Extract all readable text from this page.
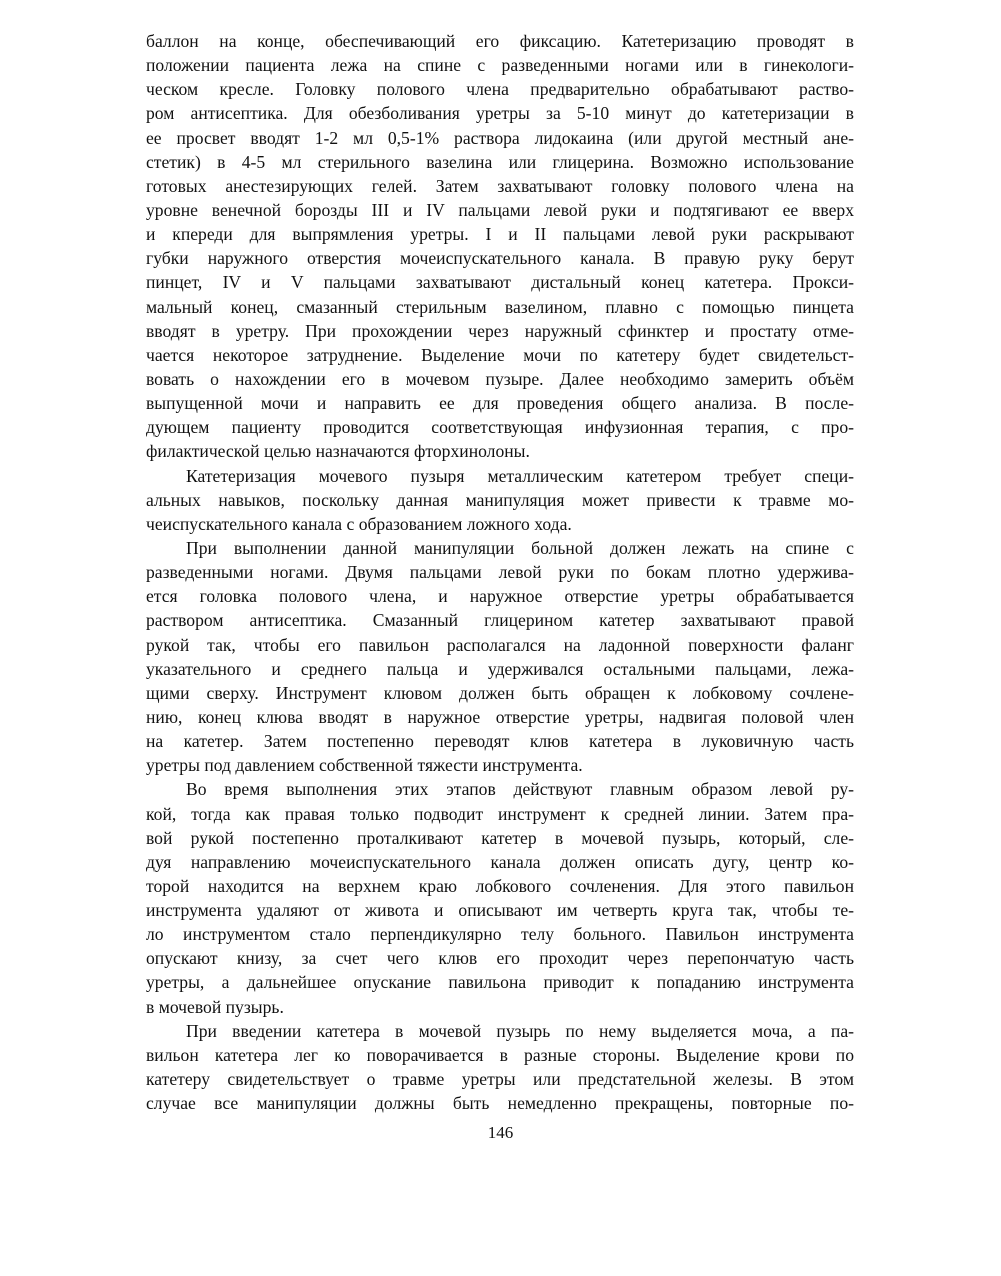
баллон на конце, обеспечивающий его фиксацию. Катетеризацию проводят в
положении пациента лежа на спине с разведенными ногами или в гинекологи-
ческом кресле. Головку полового члена предварительно обрабатывают раство-
ром антисептика. Для обезболивания уретры за 5-10 минут до катетеризации в
ее просвет вводят 1-2 мл 0,5-1% раствора лидокаина (или другой местный ане-
стетик) в 4-5 мл стерильного вазелина или глицерина. Возможно использование
готовых анестезирующих гелей. Затем захватывают головку полового члена на
уровне венечной борозды III и IV пальцами левой руки и подтягивают ее вверх
и кпереди для выпрямления уретры. I и II пальцами левой руки раскрывают
губки наружного отверстия мочеиспускательного канала. В правую руку берут
пинцет, IV и V пальцами захватывают дистальный конец катетера. Прокси-
мальный конец, смазанный стерильным вазелином, плавно с помощью пинцета
вводят в уретру. При прохождении через наружный сфинктер и простату отме-
чается некоторое затруднение. Выделение мочи по катетеру будет свидетельст-
вовать о нахождении его в мочевом пузыре. Далее необходимо замерить объём
выпущенной мочи и направить ее для проведения общего анализа. В после-
дующем пациенту проводится соответствующая инфузионная терапия, с про-
филактической целью назначаются фторхинолоны.
Катетеризация мочевого пузыря металлическим катетером требует специ-
альных навыков, поскольку данная манипуляция может привести к травме мо-
чеиспускательного канала с образованием ложного хода.
При выполнении данной манипуляции больной должен лежать на спине с
разведенными ногами. Двумя пальцами левой руки по бокам плотно удержива-
ется головка полового члена, и наружное отверстие уретры обрабатывается
раствором антисептика. Смазанный глицерином катетер захватывают правой
рукой так, чтобы его павильон располагался на ладонной поверхности фаланг
указательного и среднего пальца и удерживался остальными пальцами, лежа-
щими сверху. Инструмент клювом должен быть обращен к лобковому сочлене-
нию, конец клюва вводят в наружное отверстие уретры, надвигая половой член
на катетер. Затем постепенно переводят клюв катетера в луковичную часть
уретры под давлением собственной тяжести инструмента.
Во время выполнения этих этапов действуют главным образом левой ру-
кой, тогда как правая только подводит инструмент к средней линии. Затем пра-
вой рукой постепенно проталкивают катетер в мочевой пузырь, который, сле-
дуя направлению мочеиспускательного канала должен описать дугу, центр ко-
торой находится на верхнем краю лобкового сочленения. Для этого павильон
инструмента удаляют от живота и описывают им четверть круга так, чтобы те-
ло инструментом стало перпендикулярно телу больного. Павильон инструмента
опускают книзу, за счет чего клюв его проходит через перепончатую часть
уретры, а дальнейшее опускание павильона приводит к попаданию инструмента
в мочевой пузырь.
При введении катетера в мочевой пузырь по нему выделяется моча, а па-
вильон катетера лег ко поворачивается в разные стороны. Выделение крови по
катетеру свидетельствует о травме уретры или предстательной железы. В этом
случае все манипуляции должны быть немедленно прекращены, повторные по-
146
